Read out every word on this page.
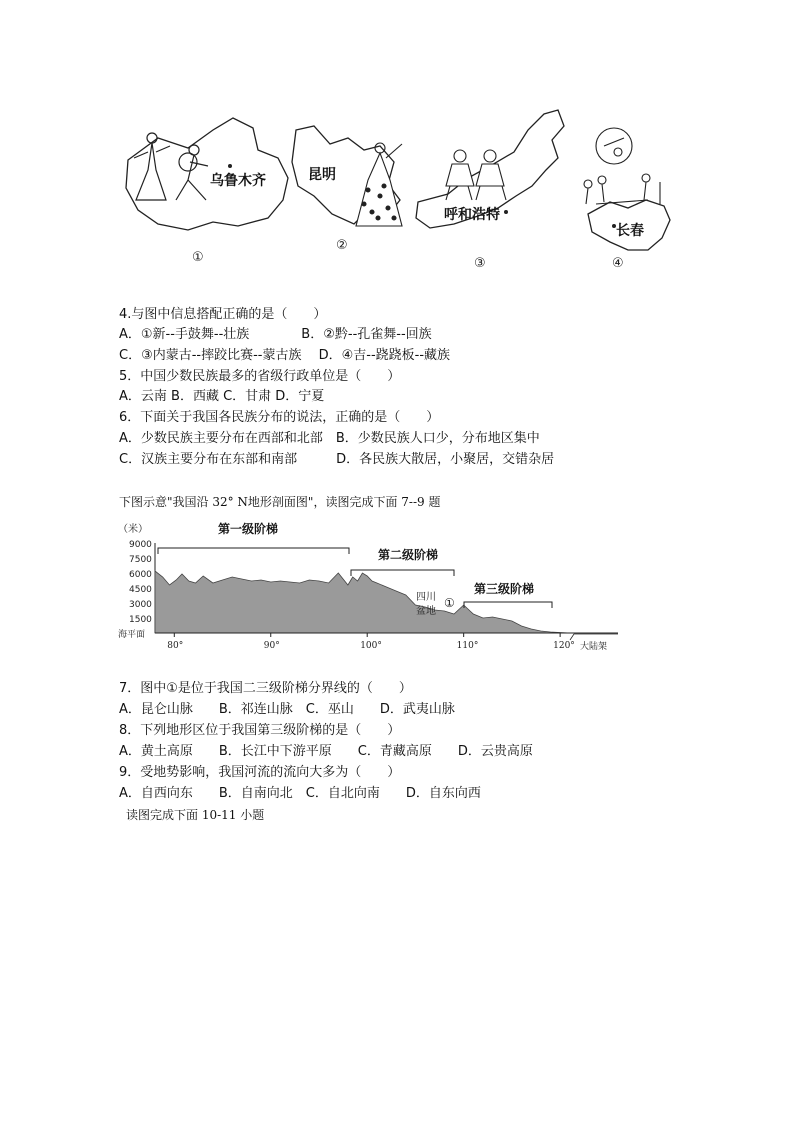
乌鲁木齐	昆明
呼和浩特
长春
①
②
③	④
4.与图中信息搭配正确的是（　　）
A．①新--手鼓舞--壮族　　　　B．②黔--孔雀舞--回族
C．③内蒙古--摔跤比赛--蒙古族　 D．④吉--跷跷板--藏族
5．中国少数民族最多的省级行政单位是（　　）
A．云南 B．西藏 C．甘肃 D．宁夏
6．下面关于我国各民族分布的说法，正确的是（　　）
A．少数民族主要分布在西部和北部　B．少数民族人口少，分布地区集中
C．汉族主要分布在东部和南部　　　D．各民族大散居，小聚居，交错杂居
下图示意"我国沿 32° N地形剖面图"，读图完成下面 7--9 题
（米）
9000
7500
6000
4500
3000
1500
海平面
80°	90°	100°	110°	120°
第一级阶梯
第二级阶梯
第三级阶梯
四川
盆地
①
大陆架
7．图中①是位于我国二三级阶梯分界线的（　　）
A．昆仑山脉　　B．祁连山脉　C．巫山　　D．武夷山脉
8．下列地形区位于我国第三级阶梯的是（　　）
A．黄土高原　　B．长江中下游平原　　C．青藏高原　　D．云贵高原
9．受地势影响，我国河流的流向大多为（　　）
A．自西向东　　B．自南向北　C．自北向南　　D．自东向西
读图完成下面 10-11 小题
